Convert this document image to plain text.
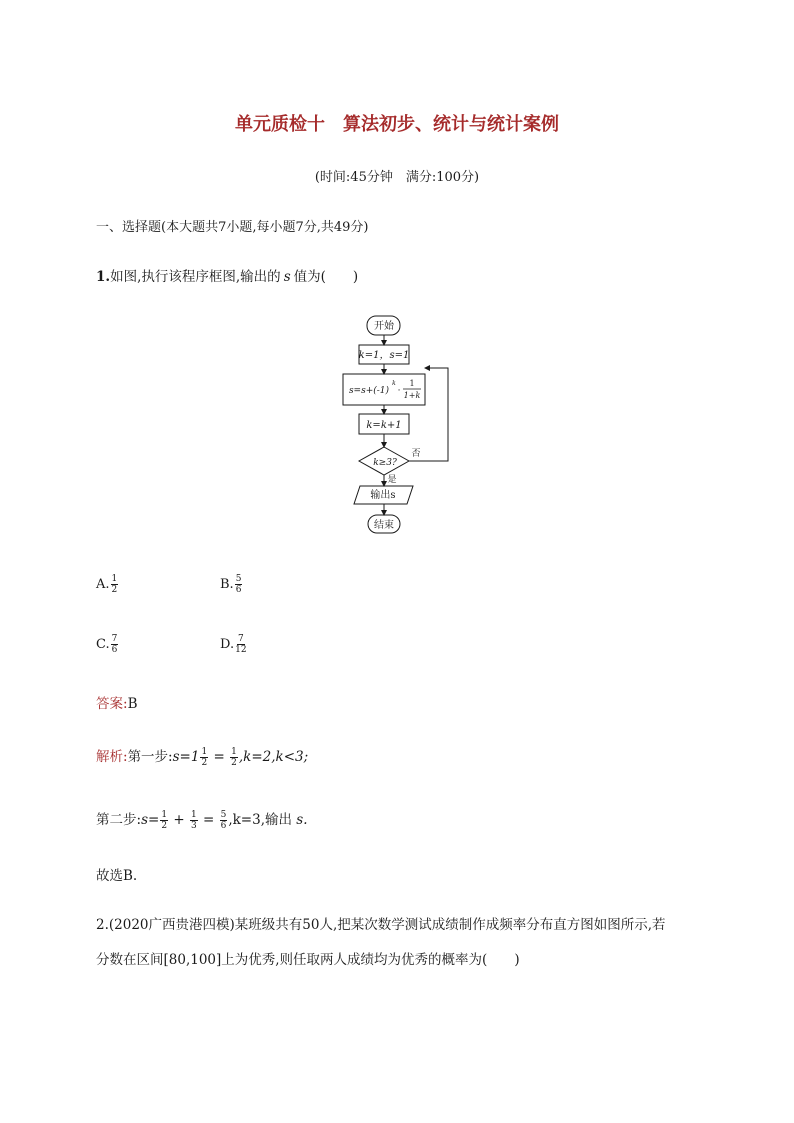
单元质检十 算法初步、统计与统计案例
(时间:45分钟　满分:100分)
一、选择题(本大题共7小题,每小题7分,共49分)
1.如图,执行该程序框图,输出的 s 值为(　　)
开始
k=1，s=1
s=s+(-1)
k
·
1
1+k
k=k+1
k≥3?
否
是
输出s
结束
A. $\frac{1}{2}$	B. $\frac{5}{6}$
C. $\frac{7}{6}$	D. $\frac{7}{12}$
答案:B
解析:第一步:s=1 $\frac{1}{2} = \frac{1}{2} ,k=2,k<3$;
第二步:s= $\frac{1}{2} + \frac{1}{3} = \frac{5}{6} ,k=3$,输出 s.
故选B.
2.(2020广西贵港四模)某班级共有50人,把某次数学测试成绩制作成频率分布直方图如图所示,若
分数在区间[80,100]上为优秀,则任取两人成绩均为优秀的概率为(　　)
